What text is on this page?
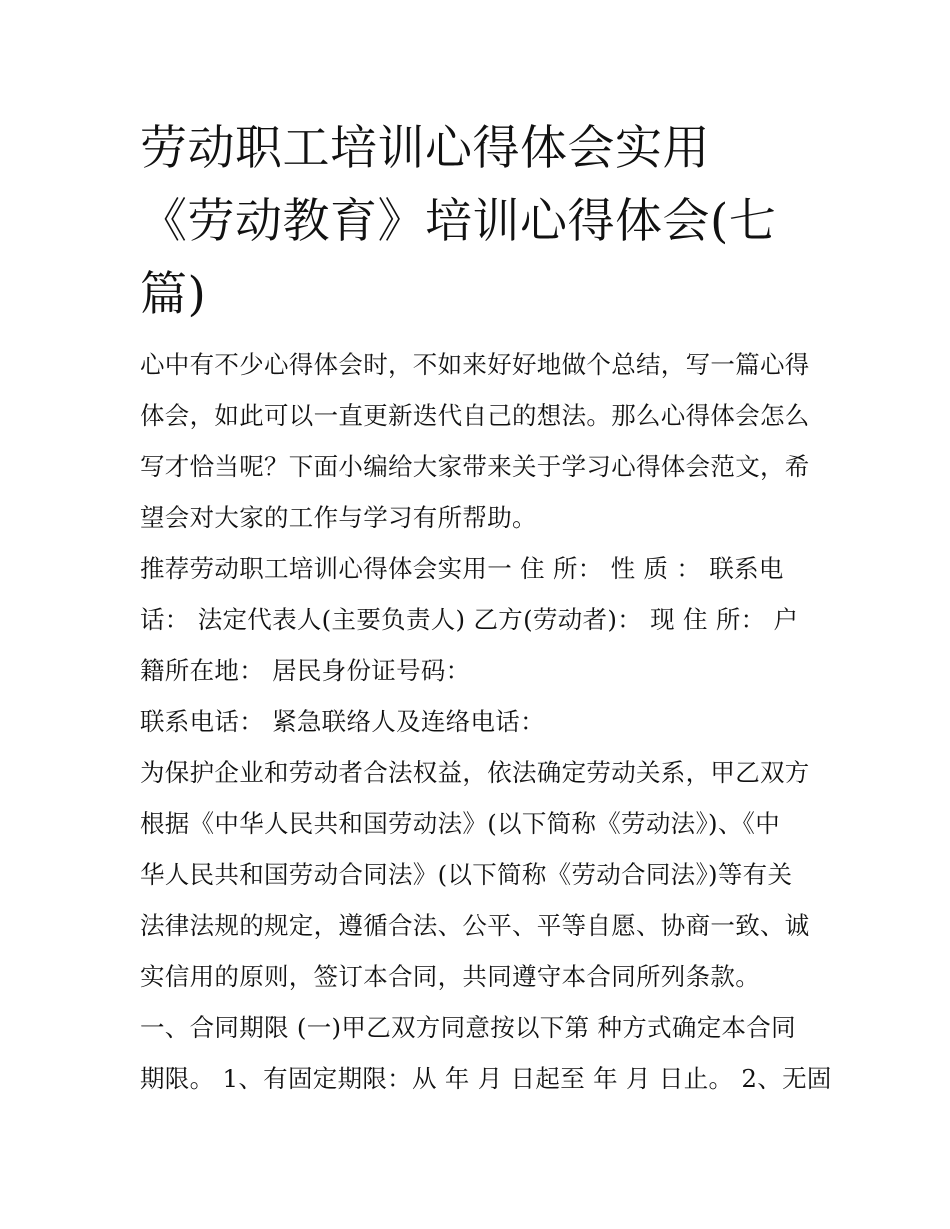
劳动职工培训心得体会实用
《劳动教育》培训心得体会(七
篇)

心中有不少心得体会时，不如来好好地做个总结，写一篇心得
体会，如此可以一直更新迭代自己的想法。那么心得体会怎么
写才恰当呢？下面小编给大家带来关于学习心得体会范文，希
望会对大家的工作与学习有所帮助。

推荐劳动职工培训心得体会实用一 住 所： 性 质 ： 联系电
话： 法定代表人(主要负责人) 乙方(劳动者)： 现 住 所： 户
籍所在地： 居民身份证号码：

联系电话： 紧急联络人及连络电话：

为保护企业和劳动者合法权益，依法确定劳动关系，甲乙双方
根据《中华人民共和国劳动法》(以下简称《劳动法》)、《中
华人民共和国劳动合同法》(以下简称《劳动合同法》)等有关
法律法规的规定，遵循合法、公平、平等自愿、协商一致、诚
实信用的原则，签订本合同，共同遵守本合同所列条款。

一、合同期限 (一)甲乙双方同意按以下第 种方式确定本合同
期限。 1、有固定期限：从 年 月 日起至 年 月 日止。 2、无固
